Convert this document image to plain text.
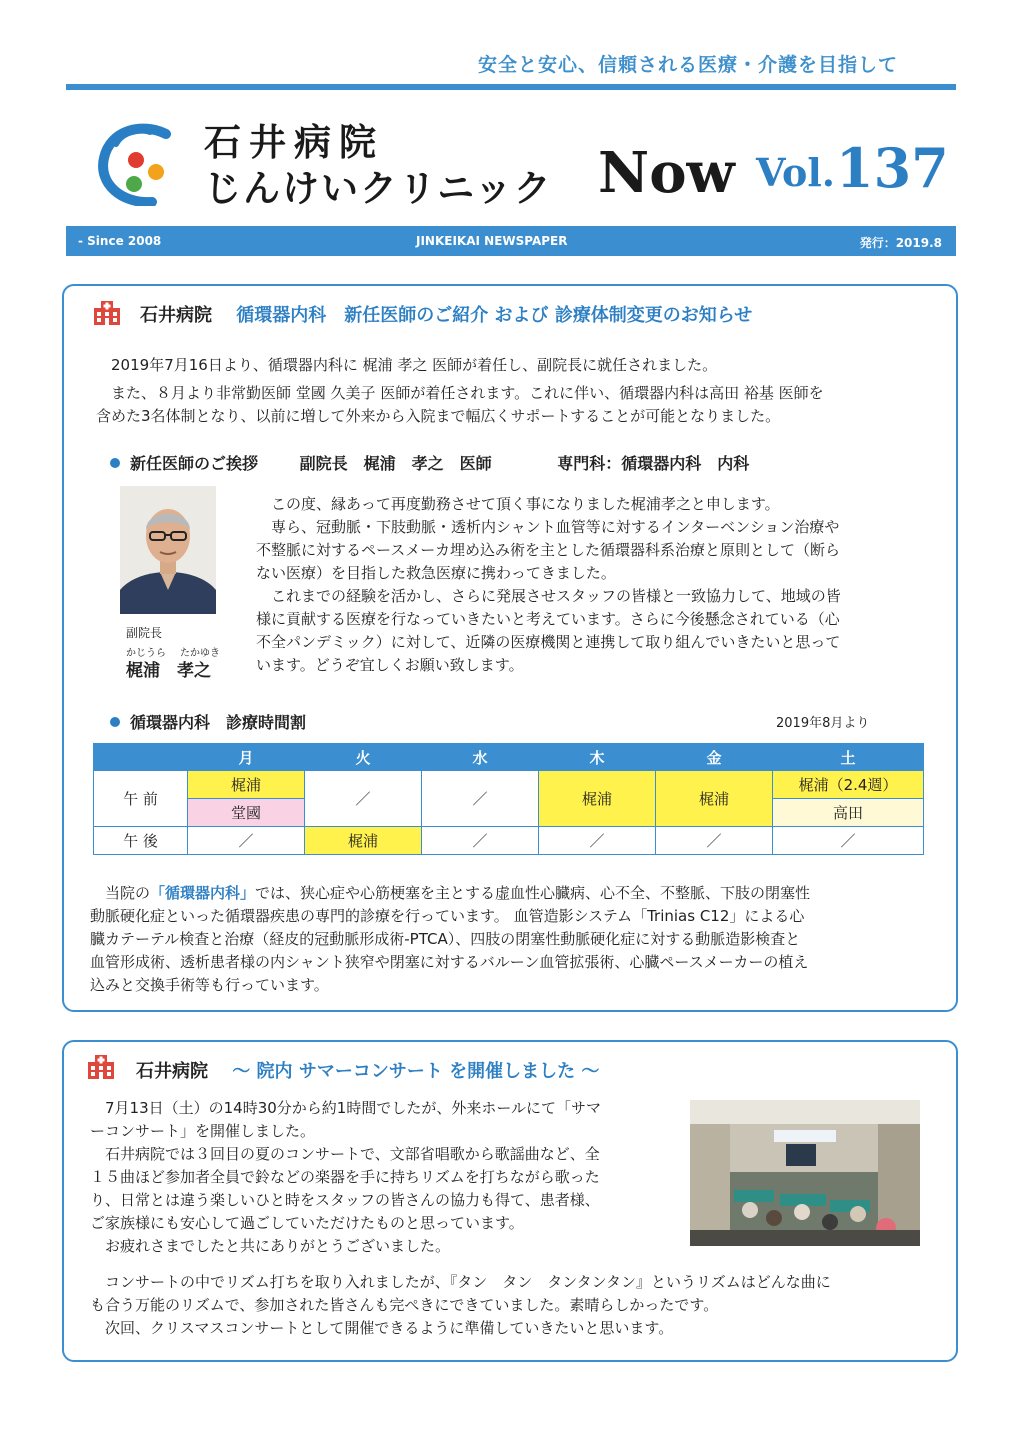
安全と安心、信頼される医療・介護を目指して
石井病院
じんけいクリニック Now Vol. 137
- Since 2008	JINKEIKAI NEWSPAPER	発行：2019.8
石井病院 循環器内科　新任医師のご紹介 および 診療体制変更のお知らせ

　2019年7月16日より、循環器内科に 梶浦 孝之 医師が着任し、副院長に就任されました。

　また、８月より非常勤医師 堂國 久美子 医師が着任されます。これに伴い、循環器内科は高田 裕基 医師を

含めた3名体制となり、以前に増して外来から入院まで幅広くサポートすることが可能となりました。

新任医師のご挨拶	副院長　梶浦　孝之　医師	専門科：循環器内科　内科
副院長
かじうら たかゆき
梶浦　孝之

　この度、縁あって再度勤務させて頂く事になりました梶浦孝之と申します。

　専ら、冠動脈・下肢動脈・透析内シャント血管等に対するインターベンション治療や

不整脈に対するペースメーカ埋め込み術を主とした循環器科系治療と原則として（断ら

ない医療）を目指した救急医療に携わってきました。

　これまでの経験を活かし、さらに発展させスタッフの皆様と一致協力して、地域の皆

様に貢献する医療を行なっていきたいと考えています。さらに今後懸念されている（心

不全パンデミック）に対して、近隣の医療機関と連携して取り組んでいきたいと思って

います。どうぞ宜しくお願い致します。

循環器内科　診療時間割	2019年8月より
	月	火	水	木	金	土
午 前	梶浦	／	／	梶浦	梶浦	梶浦（2.4週）
	堂國					高田
午 後	／	梶浦	／	／	／	／

　当院の「循環器内科」では、狭心症や心筋梗塞を主とする虚血性心臓病、心不全、不整脈、下肢の閉塞性

動脈硬化症といった循環器疾患の専門的診療を行っています。 血管造影システム「Trinias C12」による心

臓カテーテル検査と治療（経皮的冠動脈形成術-PTCA）、四肢の閉塞性動脈硬化症に対する動脈造影検査と

血管形成術、透析患者様の内シャント狭窄や閉塞に対するバルーン血管拡張術、心臓ペースメーカーの植え

込みと交換手術等も行っています。

石井病院 ～ 院内 サマーコンサート を開催しました ～

　7月13日（土）の14時30分から約1時間でしたが、外来ホールにて「サマ

ーコンサート」を開催しました。

　石井病院では３回目の夏のコンサートで、文部省唱歌から歌謡曲など、全

１５曲ほど参加者全員で鈴などの楽器を手に持ちリズムを打ちながら歌った

り、日常とは違う楽しいひと時をスタッフの皆さんの協力も得て、患者様、

ご家族様にも安心して過ごしていただけたものと思っています。

　お疲れさまでしたと共にありがとうございました。

　コンサートの中でリズム打ちを取り入れましたが、『タン　タン　タンタンタン』というリズムはどんな曲に

も合う万能のリズムで、参加された皆さんも完ぺきにできていました。素晴らしかったです。

　次回、クリスマスコンサートとして開催できるように準備していきたいと思います。
